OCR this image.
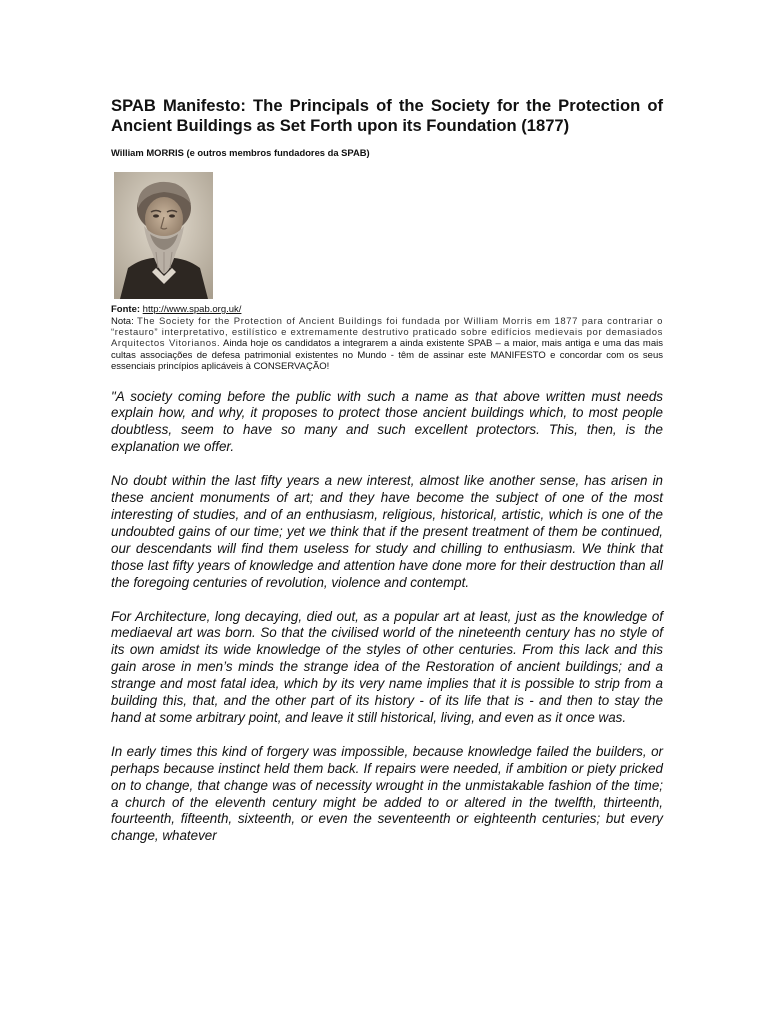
SPAB Manifesto: The Principals of the Society for the Protection of Ancient Buildings as Set Forth upon its Foundation (1877)

William MORRIS (e outros membros fundadores da SPAB)

Fonte: http://www.spab.org.uk/

Nota: The Society for the Protection of Ancient Buildings foi fundada por William Morris em 1877 para contrariar o “restauro” interpretativo, estilístico e extremamente destrutivo praticado sobre edifícios medievais por demasiados Arquitectos Vitorianos. Ainda hoje os candidatos a integrarem a ainda existente SPAB – a maior, mais antiga e uma das mais cultas associações de defesa patrimonial existentes no Mundo - têm de assinar este MANIFESTO e concordar com os seus essenciais princípios aplicáveis à CONSERVAÇÃO!

"A society coming before the public with such a name as that above written must needs explain how, and why, it proposes to protect those ancient buildings which, to most people doubtless, seem to have so many and such excellent protectors. This, then, is the explanation we offer.

No doubt within the last fifty years a new interest, almost like another sense, has arisen in these ancient monuments of art; and they have become the subject of one of the most interesting of studies, and of an enthusiasm, religious, historical, artistic, which is one of the undoubted gains of our time; yet we think that if the present treatment of them be continued, our descendants will find them useless for study and chilling to enthusiasm. We think that those last fifty years of knowledge and attention have done more for their destruction than all the foregoing centuries of revolution, violence and contempt.

For Architecture, long decaying, died out, as a popular art at least, just as the knowledge of mediaeval art was born. So that the civilised world of the nineteenth century has no style of its own amidst its wide knowledge of the styles of other centuries. From this lack and this gain arose in men’s minds the strange idea of the Restoration of ancient buildings; and a strange and most fatal idea, which by its very name implies that it is possible to strip from a building this, that, and the other part of its history - of its life that is - and then to stay the hand at some arbitrary point, and leave it still historical, living, and even as it once was.

In early times this kind of forgery was impossible, because knowledge failed the builders, or perhaps because instinct held them back. If repairs were needed, if ambition or piety pricked on to change, that change was of necessity wrought in the unmistakable fashion of the time; a church of the eleventh century might be added to or altered in the twelfth, thirteenth, fourteenth, fifteenth, sixteenth, or even the seventeenth or eighteenth centuries; but every change, whatever
